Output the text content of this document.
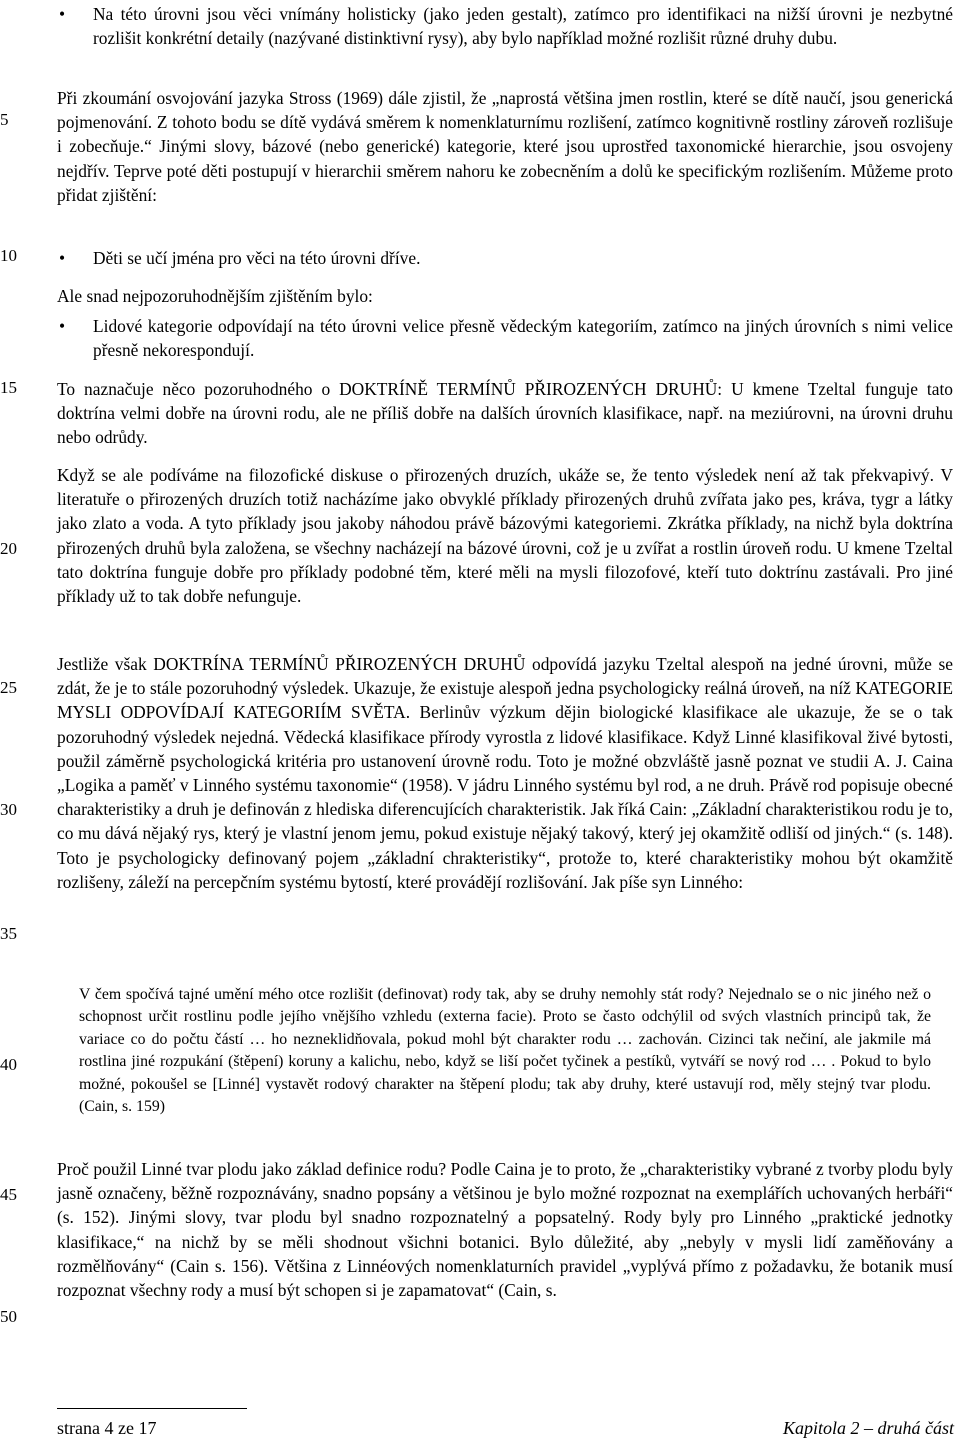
5
10
15
20
25
30
35
40
45
50
• Na této úrovni jsou věci vnímány holisticky (jako jeden gestalt), zatímco pro identifikaci na nižší úrovni je nezbytné rozlišit konkrétní detaily (nazývané distinktivní rysy), aby bylo například možné rozlišit různé druhy dubu.

Při zkoumání osvojování jazyka Stross (1969) dále zjistil, že „naprostá většina jmen rostlin, které se dítě naučí, jsou generická pojmenování. Z tohoto bodu se dítě vydává směrem k nomenklaturnímu rozlišení, zatímco kognitivně rostliny zároveň rozlišuje i zobecňuje.“ Jinými slovy, bázové (nebo generické) kategorie, které jsou uprostřed taxonomické hierarchie, jsou osvojeny nejdřív. Teprve poté děti postupují v hierarchii směrem nahoru ke zobecněním a dolů ke specifickým rozlišením. Můžeme proto přidat zjištění:

• Děti se učí jména pro věci na této úrovni dříve.

Ale snad nejpozoruhodnějším zjištěním bylo:

• Lidové kategorie odpovídají na této úrovni velice přesně vědeckým kategoriím, zatímco na jiných úrovních s nimi velice přesně nekorespondují.

To naznačuje něco pozoruhodného o DOKTRÍNĚ TERMÍNŮ PŘIROZENÝCH DRUHŮ: U kmene Tzeltal funguje tato doktrína velmi dobře na úrovni rodu, ale ne příliš dobře na dalších úrovních klasifikace, např. na meziúrovni, na úrovni druhu nebo odrůdy.

Když se ale podíváme na filozofické diskuse o přirozených druzích, ukáže se, že tento výsledek není až tak překvapivý. V literatuře o přirozených druzích totiž nacházíme jako obvyklé příklady přirozených druhů zvířata jako pes, kráva, tygr a látky jako zlato a voda. A tyto příklady jsou jakoby náhodou právě bázovými kategoriemi. Zkrátka příklady, na nichž byla doktrína přirozených druhů byla založena, se všechny nacházejí na bázové úrovni, což je u zvířat a rostlin úroveň rodu. U kmene Tzeltal tato doktrína funguje dobře pro příklady podobné těm, které měli na mysli filozofové, kteří tuto doktrínu zastávali. Pro jiné příklady už to tak dobře nefunguje.

Jestliže však DOKTRÍNA TERMÍNŮ PŘIROZENÝCH DRUHŮ odpovídá jazyku Tzeltal alespoň na jedné úrovni, může se zdát, že je to stále pozoruhodný výsledek. Ukazuje, že existuje alespoň jedna psychologicky reálná úroveň, na níž KATEGORIE MYSLI ODPOVÍDAJÍ KATEGORIÍM SVĚTA. Berlinův výzkum dějin biologické klasifikace ale ukazuje, že se o tak pozoruhodný výsledek nejedná. Vědecká klasifikace přírody vyrostla z lidové klasifikace. Když Linné klasifikoval živé bytosti, použil záměrně psychologická kritéria pro ustanovení úrovně rodu. Toto je možné obzvláště jasně poznat ve studii A. J. Caina „Logika a paměť v Linného systému taxonomie“ (1958). V jádru Linného systému byl rod, a ne druh. Právě rod popisuje obecné charakteristiky a druh je definován z hlediska diferencujících charakteristik. Jak říká Cain: „Základní charakteristikou rodu je to, co mu dává nějaký rys, který je vlastní jenom jemu, pokud existuje nějaký takový, který jej okamžitě odliší od jiných.“ (s. 148). Toto je psychologicky definovaný pojem „základní chrakteristiky“, protože to, které charakteristiky mohou být okamžitě rozlišeny, záleží na percepčním systému bytostí, které provádějí rozlišování. Jak píše syn Linného:

V čem spočívá tajné umění mého otce rozlišit (definovat) rody tak, aby se druhy nemohly stát rody? Nejednalo se o nic jiného než o schopnost určit rostlinu podle jejího vnějšího vzhledu (externa facie). Proto se často odchýlil od svých vlastních principů tak, že variace co do počtu částí … ho nezneklidňovala, pokud mohl být charakter rodu … zachován. Cizinci tak nečiní, ale jakmile má rostlina jiné rozpukání (štěpení) koruny a kalichu, nebo, když se liší počet tyčinek a pestíků, vytváří se nový rod … . Pokud to bylo možné, pokoušel se [Linné] vystavět rodový charakter na štěpení plodu; tak aby druhy, které ustavují rod, měly stejný tvar plodu. (Cain, s. 159)

Proč použil Linné tvar plodu jako základ definice rodu? Podle Caina je to proto, že „charakteristiky vybrané z tvorby plodu byly jasně označeny, běžně rozpoznávány, snadno popsány a většinou je bylo možné rozpoznat na exemplářích uchovaných herbáři“ (s. 152). Jinými slovy, tvar plodu byl snadno rozpoznatelný a popsatelný. Rody byly pro Linného „praktické jednotky klasifikace,“ na nichž by se měli shodnout všichni botanici. Bylo důležité, aby „nebyly v mysli lidí zaměňovány a rozmělňovány“ (Cain s. 156). Většina z Linnéových nomenklaturních pravidel „vyplývá přímo z požadavku, že botanik musí rozpoznat všechny rody a musí být schopen si je zapamatovat“ (Cain, s.

strana 4 ze 17	Kapitola 2 – druhá část
